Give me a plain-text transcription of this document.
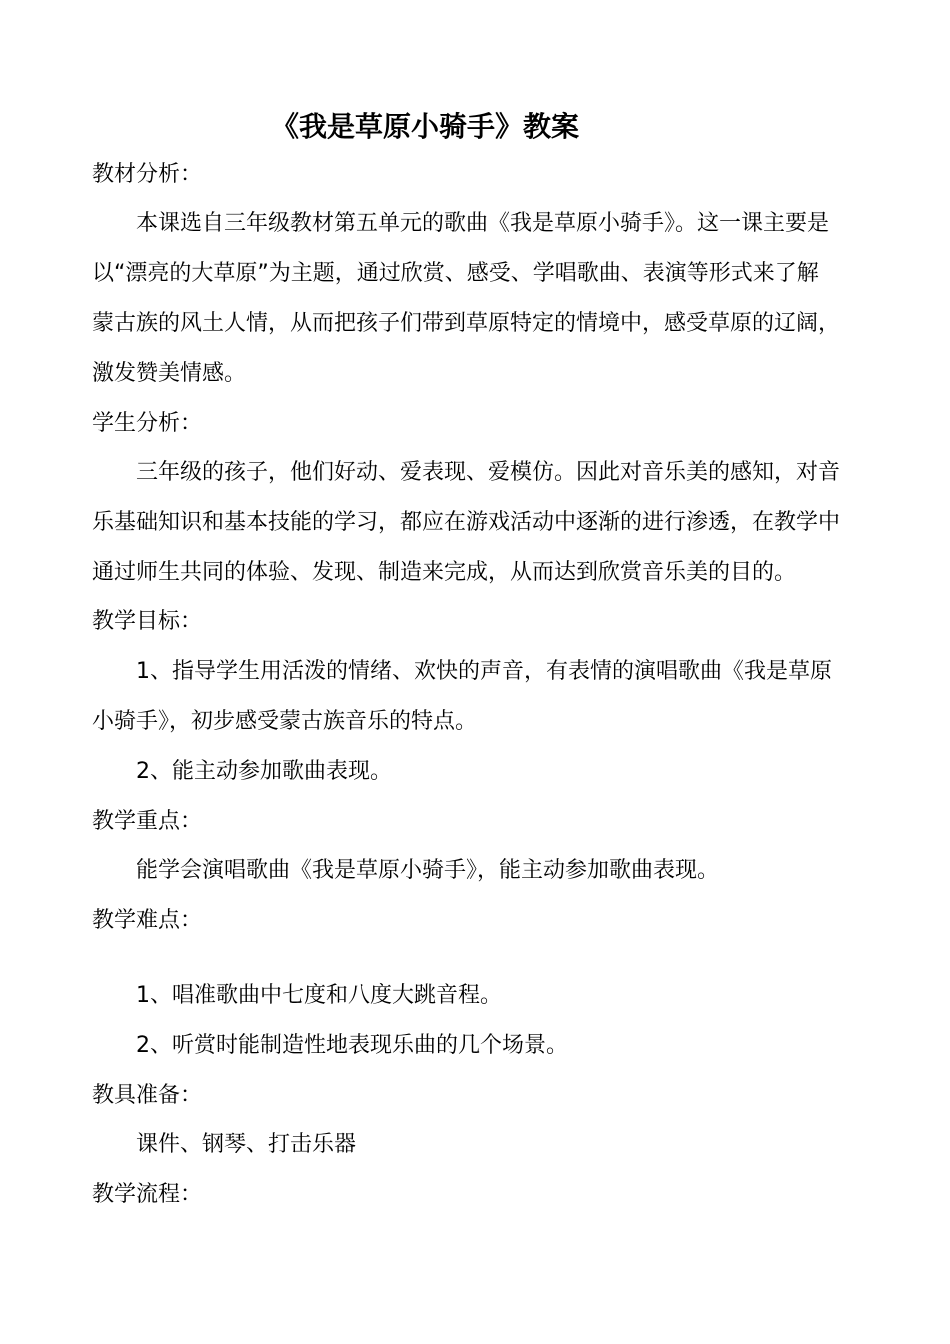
《我是草原小骑手》教案
教材分析：
本课选自三年级教材第五单元的歌曲《我是草原小骑手》。这一课主要是
以“漂亮的大草原”为主题，通过欣赏、感受、学唱歌曲、表演等形式来了解
蒙古族的风土人情，从而把孩子们带到草原特定的情境中，感受草原的辽阔，
激发赞美情感。
学生分析：
三年级的孩子，他们好动、爱表现、爱模仿。因此对音乐美的感知，对音
乐基础知识和基本技能的学习，都应在游戏活动中逐渐的进行渗透，在教学中
通过师生共同的体验、发现、制造来完成，从而达到欣赏音乐美的目的。
教学目标：
1、指导学生用活泼的情绪、欢快的声音，有表情的演唱歌曲《我是草原
小骑手》，初步感受蒙古族音乐的特点。
2、能主动参加歌曲表现。
教学重点：
能学会演唱歌曲《我是草原小骑手》，能主动参加歌曲表现。
教学难点：
1、唱准歌曲中七度和八度大跳音程。
2、听赏时能制造性地表现乐曲的几个场景。
教具准备：
课件、钢琴、打击乐器
教学流程：
